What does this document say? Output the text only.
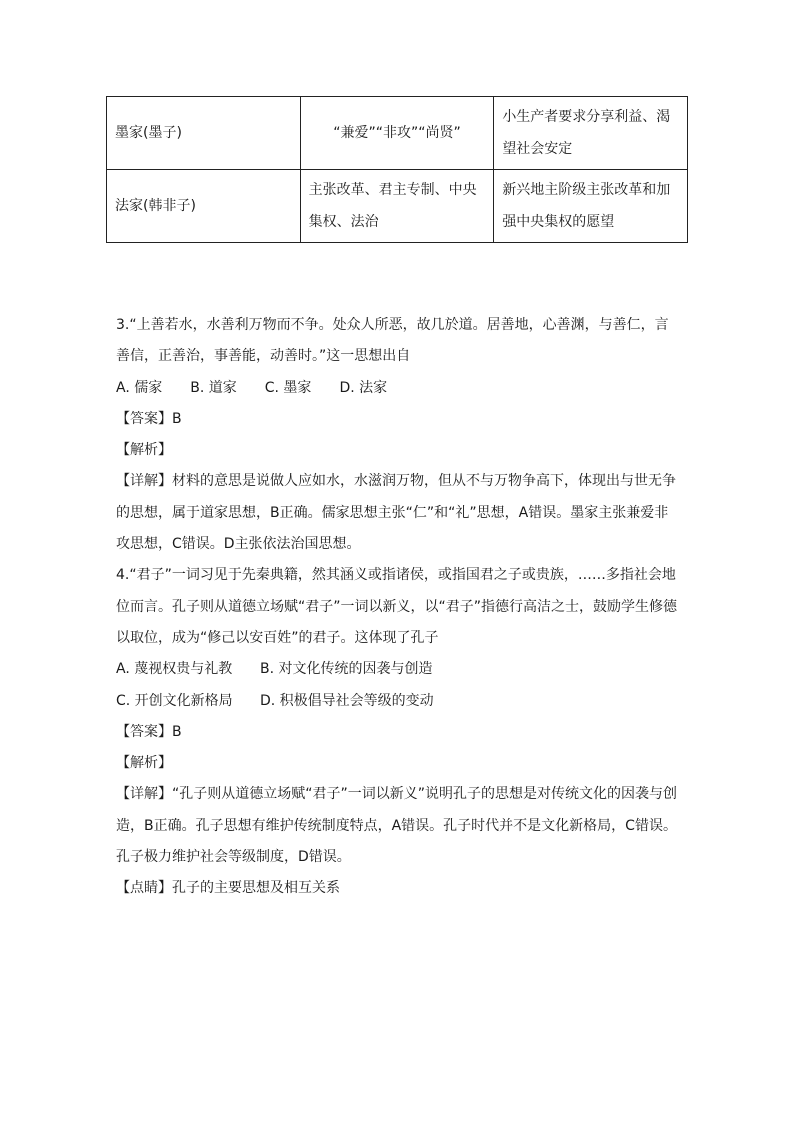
墨家(墨子)	“兼爱”“非攻”“尚贤”	小生产者要求分享利益、渴望社会安定
法家(韩非子)	主张改革、君主专制、中央集权、法治	新兴地主阶级主张改革和加强中央集权的愿望

3.“上善若水，水善利万物而不争。处众人所恶，故几於道。居善地，心善渊，与善仁，言善信，正善治，事善能，动善时。”这一思想出自

A. 儒家 B. 道家 C. 墨家 D. 法家

【答案】B

【解析】

【详解】材料的意思是说做人应如水，水滋润万物，但从不与万物争高下，体现出与世无争的思想，属于道家思想，B正确。儒家思想主张“仁”和“礼”思想，A错误。墨家主张兼爱非攻思想，C错误。D主张依法治国思想。

4.“君子”一词习见于先秦典籍，然其涵义或指诸侯，或指国君之子或贵族，……多指社会地位而言。孔子则从道德立场赋“君子”一词以新义，以“君子”指德行高洁之士，鼓励学生修德以取位，成为“修己以安百姓”的君子。这体现了孔子

A. 蔑视权贵与礼教 B. 对文化传统的因袭与创造

C. 开创文化新格局 D. 积极倡导社会等级的变动

【答案】B

【解析】

【详解】“孔子则从道德立场赋“君子”一词以新义”说明孔子的思想是对传统文化的因袭与创造，B正确。孔子思想有维护传统制度特点，A错误。孔子时代并不是文化新格局，C错误。孔子极力维护社会等级制度，D错误。

【点睛】孔子的主要思想及相互关系
